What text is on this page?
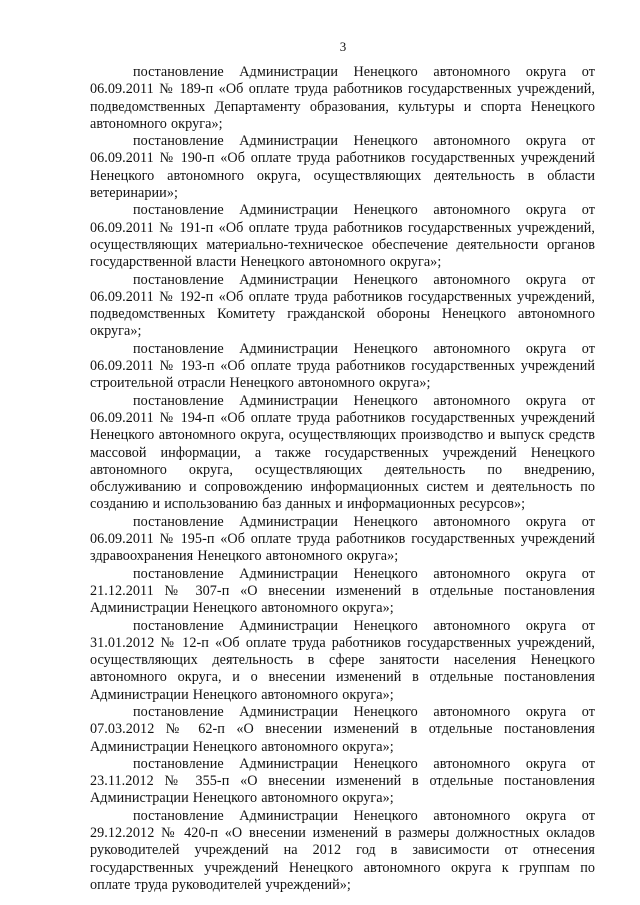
3

постановление Администрации Ненецкого автономного округа от 06.09.2011 № 189-п «Об оплате труда работников государственных учреждений, подведомственных Департаменту образования, культуры и спорта Ненецкого автономного округа»;

постановление Администрации Ненецкого автономного округа от 06.09.2011 № 190-п «Об оплате труда работников государственных учреждений Ненецкого автономного округа, осуществляющих деятельность в области ветеринарии»;

постановление Администрации Ненецкого автономного округа от 06.09.2011 № 191-п «Об оплате труда работников государственных учреждений, осуществляющих материально-техническое обеспечение деятельности органов государственной власти Ненецкого автономного округа»;

постановление Администрации Ненецкого автономного округа от 06.09.2011 № 192-п «Об оплате труда работников государственных учреждений, подведомственных Комитету гражданской обороны Ненецкого автономного округа»;

постановление Администрации Ненецкого автономного округа от 06.09.2011 № 193-п «Об оплате труда работников государственных учреждений строительной отрасли Ненецкого автономного округа»;

постановление Администрации Ненецкого автономного округа от 06.09.2011 № 194-п «Об оплате труда работников государственных учреждений Ненецкого автономного округа, осуществляющих производство и выпуск средств массовой информации, а также государственных учреждений Ненецкого автономного округа, осуществляющих деятельность по внедрению, обслуживанию и сопровождению информационных систем и деятельность по созданию и использованию баз данных и информационных ресурсов»;

постановление Администрации Ненецкого автономного округа от 06.09.2011 № 195-п «Об оплате труда работников государственных учреждений здравоохранения Ненецкого автономного округа»;

постановление Администрации Ненецкого автономного округа от 21.12.2011 № 307-п «О внесении изменений в отдельные постановления Администрации Ненецкого автономного округа»;

постановление Администрации Ненецкого автономного округа от 31.01.2012 № 12-п «Об оплате труда работников государственных учреждений, осуществляющих деятельность в сфере занятости населения Ненецкого автономного округа, и о внесении изменений в отдельные постановления Администрации Ненецкого автономного округа»;

постановление Администрации Ненецкого автономного округа от 07.03.2012 № 62-п «О внесении изменений в отдельные постановления Администрации Ненецкого автономного округа»;

постановление Администрации Ненецкого автономного округа от 23.11.2012 № 355-п «О внесении изменений в отдельные постановления Администрации Ненецкого автономного округа»;

постановление Администрации Ненецкого автономного округа от 29.12.2012 № 420-п «О внесении изменений в размеры должностных окладов руководителей учреждений на 2012 год в зависимости от отнесения государственных учреждений Ненецкого автономного округа к группам по оплате труда руководителей учреждений»;
